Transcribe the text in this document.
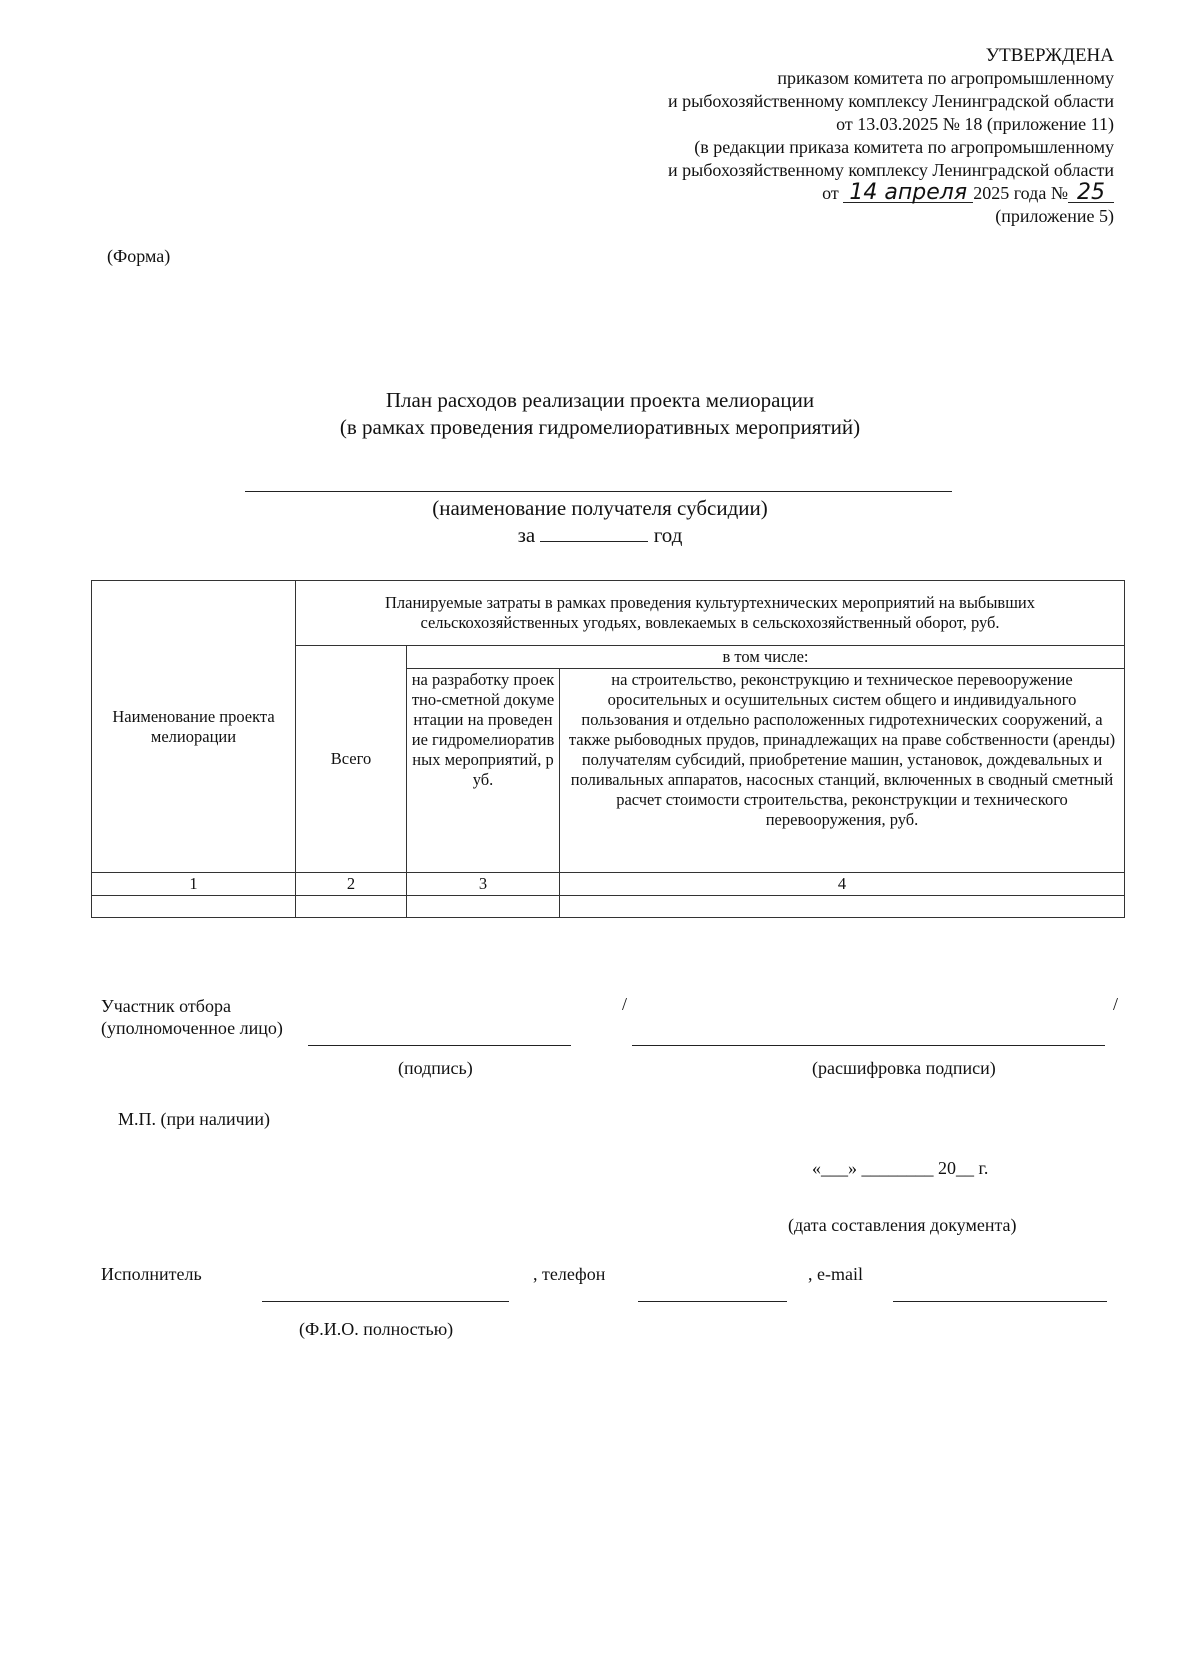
УТВЕРЖДЕНА
приказом комитета по агропромышленному
и рыбохозяйственному комплексу Ленинградской области
от 13.03.2025 № 18 (приложение 11)
(в редакции приказа комитета по агропромышленному
и рыбохозяйственному комплексу Ленинградской области
от 14 апреля 2025 года № 25
(приложение 5)
(Форма)
План расходов реализации проекта мелиорации
(в рамках проведения гидромелиоративных мероприятий)
(наименование получателя субсидии)
за	год
Наименование проекта мелиорации	Планируемые затраты в рамках проведения культуртехнических мероприятий на выбывших сельскохозяйственных угодьях, вовлекаемых в сельскохозяйственный оборот, руб.		
	Всего	в том числе:	
		на разработку проектно-сметной документации на проведение гидромелиоративных мероприятий, руб.	на строительство, реконструкцию и техническое перевооружение оросительных и осушительных систем общего и индивидуального пользования и отдельно расположенных гидротехнических сооружений, а также рыбоводных прудов, принадлежащих на праве собственности (аренды) получателям субсидий, приобретение машин, установок, дождевальных и поливальных аппаратов, насосных станций, включенных в сводный сметный расчет стоимости строительства, реконструкции и технического перевооружения, руб.
1	2	3	4

Участник отбора
(уполномоченное лицо)
/	/
(подпись)	(расшифровка подписи)
М.П. (при наличии)
«___» ________ 20__ г.
(дата составления документа)
Исполнитель	, телефон	, e-mail
(Ф.И.О. полностью)
